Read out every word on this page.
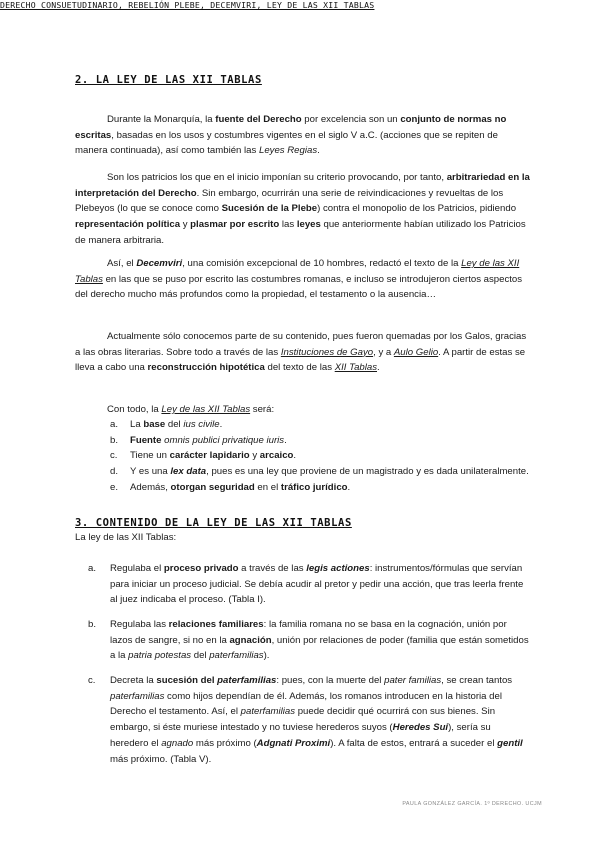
2. LA LEY DE LAS XII TABLAS
DERECHO CONSUETUDINARIO, REBELIÓN PLEBE, DECEMVIRI, LEY DE LAS XII TABLAS

Durante la Monarquía, la fuente del Derecho por excelencia son un conjunto de normas no escritas, basadas en los usos y costumbres vigentes en el siglo V a.C. (acciones que se repiten de manera continuada), así como también las Leyes Regias.

Son los patricios los que en el inicio imponían su criterio provocando, por tanto, arbitrariedad en la interpretación del Derecho. Sin embargo, ocurrirán una serie de reivindicaciones y revueltas de los Plebeyos (lo que se conoce como Sucesión de la Plebe) contra el monopolio de los Patricios, pidiendo representación política y plasmar por escrito las leyes que anteriormente habían utilizado los Patricios de manera arbitraria.

Así, el Decemviri, una comisión excepcional de 10 hombres, redactó el texto de la Ley de las XII Tablas en las que se puso por escrito las costumbres romanas, e incluso se introdujeron ciertos aspectos del derecho mucho más profundos como la propiedad, el testamento o la ausencia…

Actualmente sólo conocemos parte de su contenido, pues fueron quemadas por los Galos, gracias a las obras literarias. Sobre todo a través de las Instituciones de Gayo, y a Aulo Gelio. A partir de estas se lleva a cabo una reconstrucción hipotética del texto de las XII Tablas.

Con todo, la Ley de las XII Tablas será:

a. La base del ius civile.
b. Fuente omnis publici privatique iuris.
c. Tiene un carácter lapidario y arcaico.
d. Y es una lex data, pues es una ley que proviene de un magistrado y es dada unilateralmente.
e. Además, otorgan seguridad en el tráfico jurídico.
3. CONTENIDO DE LA LEY DE LAS XII TABLAS

La ley de las XII Tablas:

a.	Regulaba el proceso privado a través de las legis actiones: instrumentos/fórmulas que servían para iniciar un proceso judicial. Se debía acudir al pretor y pedir una acción, que tras leerla frente al juez indicaba el proceso. (Tabla I).
b.	Regulaba las relaciones familiares: la familia romana no se basa en la cognación, unión por lazos de sangre, si no en la agnación, unión por relaciones de poder (familia que están sometidos a la patria potestas del paterfamilias).
c.	Decreta la sucesión del paterfamilias: pues, con la muerte del pater familias, se crean tantos paterfamilias como hijos dependían de él. Además, los romanos introducen en la historia del Derecho el testamento. Así, el paterfamilias puede decidir qué ocurrirá con sus bienes. Sin embargo, si éste muriese intestado y no tuviese herederos suyos (Heredes Sui), sería su heredero el agnado más próximo (Adgnati Proximi). A falta de estos, entrará a suceder el gentil más próximo. (Tabla V).
PAULA GONZÁLEZ GARCÍA. 1º DERECHO. UCJM
